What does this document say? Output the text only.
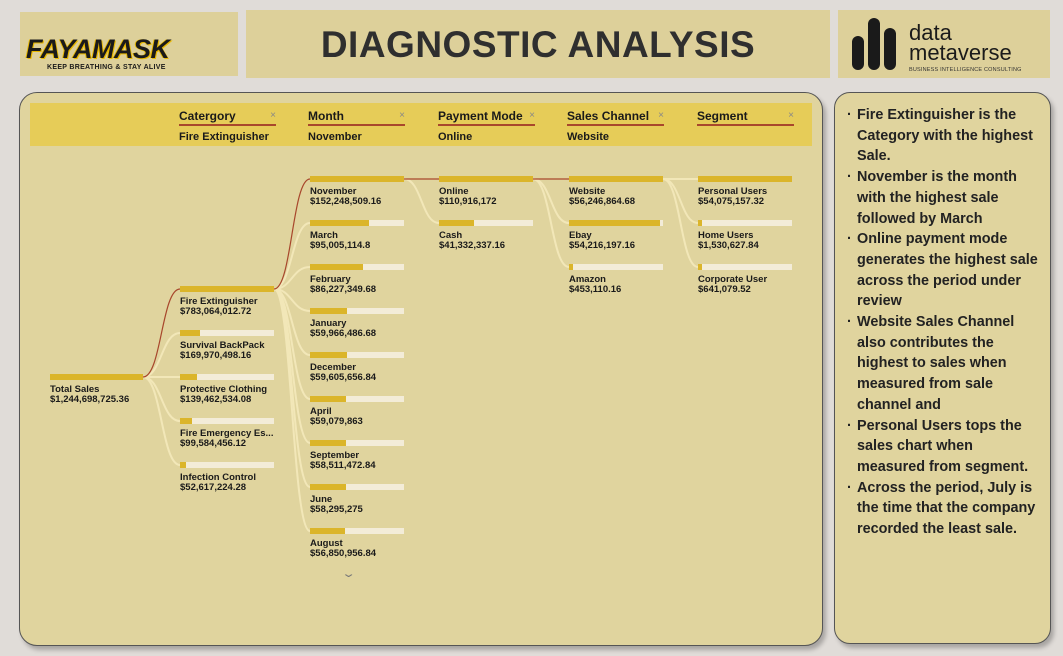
FAYAMASK
KEEP BREATHING & STAY ALIVE
DIAGNOSTIC ANALYSIS	data
metaverse
BUSINESS INTELLIGENCE CONSULTING
Catergory	×
Fire Extinguisher
Month	×
November
Payment Mode ×
Online
Sales Channel ×
Website
Segment	×
Total Sales
$1,244,698,725.36
Fire Extinguisher
$783,064,012.72
Survival BackPack
$169,970,498.16
Protective Clothing
$139,462,534.08
Fire Emergency Es...
$99,584,456.12
Infection Control
$52,617,224.28
November
$152,248,509.16
March
$95,005,114.8
February
$86,227,349.68
January
$59,966,486.68
December
$59,605,656.84
April
$59,079,863
September
$58,511,472.84
June
$58,295,275
August
$56,850,956.84
Online
$110,916,172
Cash
$41,332,337.16
Website
$56,246,864.68
Ebay
$54,216,197.16
Amazon
$453,110.16
Personal Users
$54,075,157.32
Home Users
$1,530,627.84
Corporate User
$641,079.52
⌄
· Fire Extinguisher is the Category with the highest Sale.
· November is the month with the highest sale followed by March
· Online payment mode generates the highest sale across the period under review
· Website Sales Channel also contributes the highest to sales when measured from sale channel and
· Personal Users tops the sales chart when measured from segment.
· Across the period, July is the time that the company recorded the least sale.
